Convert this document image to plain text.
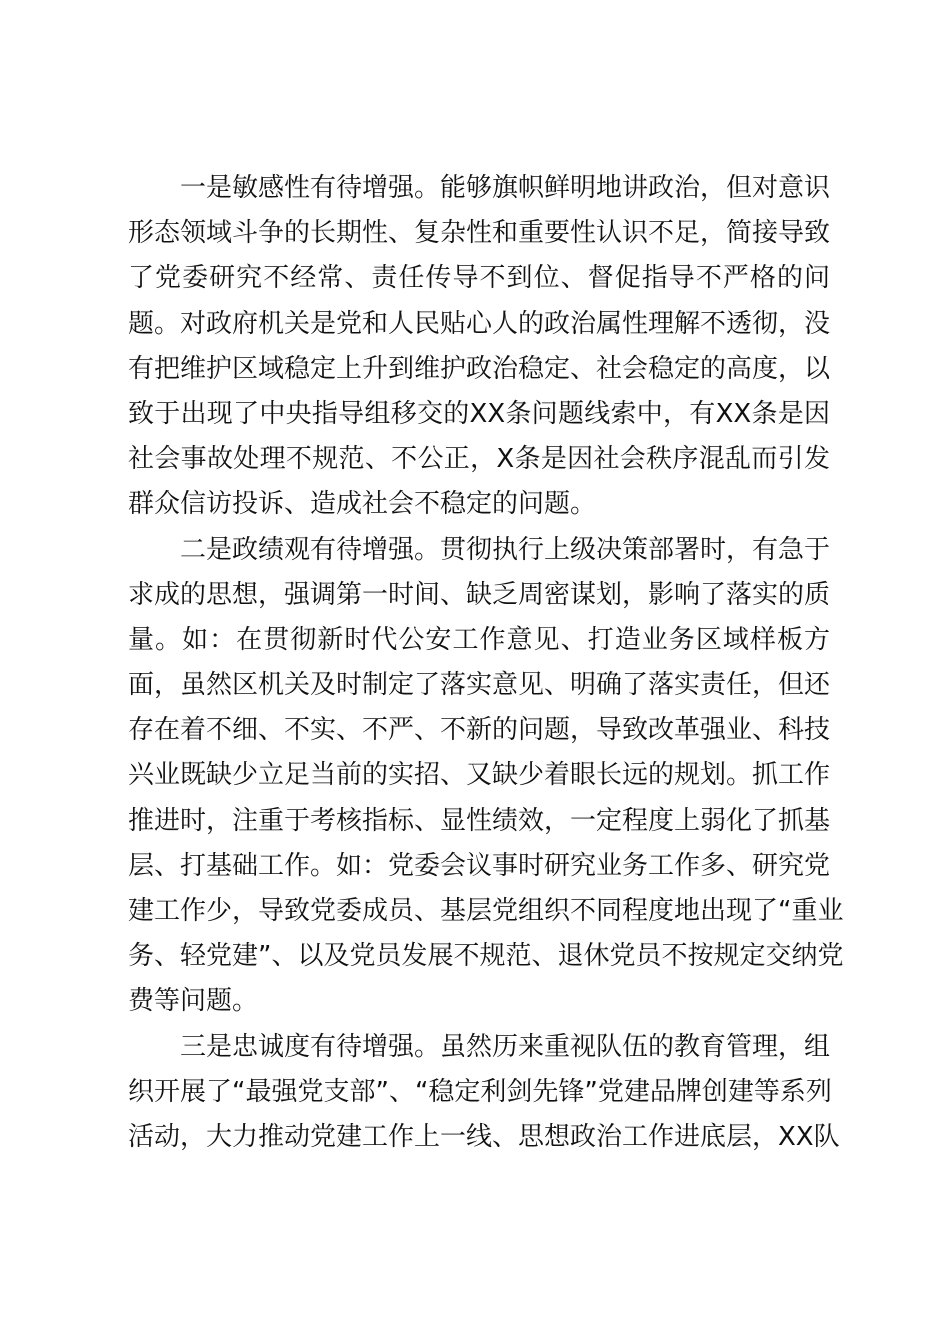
一是敏感性有待增强。能够旗帜鲜明地讲政治，但对意识
形态领域斗争的长期性、复杂性和重要性认识不足，简接导致
了党委研究不经常、责任传导不到位、督促指导不严格的问
题。对政府机关是党和人民贴心人的政治属性理解不透彻，没
有把维护区域稳定上升到维护政治稳定、社会稳定的高度，以
致于出现了中央指导组移交的XX条问题线索中，有XX条是因
社会事故处理不规范、不公正，X条是因社会秩序混乱而引发
群众信访投诉、造成社会不稳定的问题。

二是政绩观有待增强。贯彻执行上级决策部署时，有急于
求成的思想，强调第一时间、缺乏周密谋划，影响了落实的质
量。如：在贯彻新时代公安工作意见、打造业务区域样板方
面，虽然区机关及时制定了落实意见、明确了落实责任，但还
存在着不细、不实、不严、不新的问题，导致改革强业、科技
兴业既缺少立足当前的实招、又缺少着眼长远的规划。抓工作
推进时，注重于考核指标、显性绩效，一定程度上弱化了抓基
层、打基础工作。如：党委会议事时研究业务工作多、研究党
建工作少，导致党委成员、基层党组织不同程度地出现了“重业
务、轻党建”、以及党员发展不规范、退休党员不按规定交纳党
费等问题。

三是忠诚度有待增强。虽然历来重视队伍的教育管理，组
织开展了“最强党支部”、“稳定利剑先锋”党建品牌创建等系列
活动，大力推动党建工作上一线、思想政治工作进底层，XX队
